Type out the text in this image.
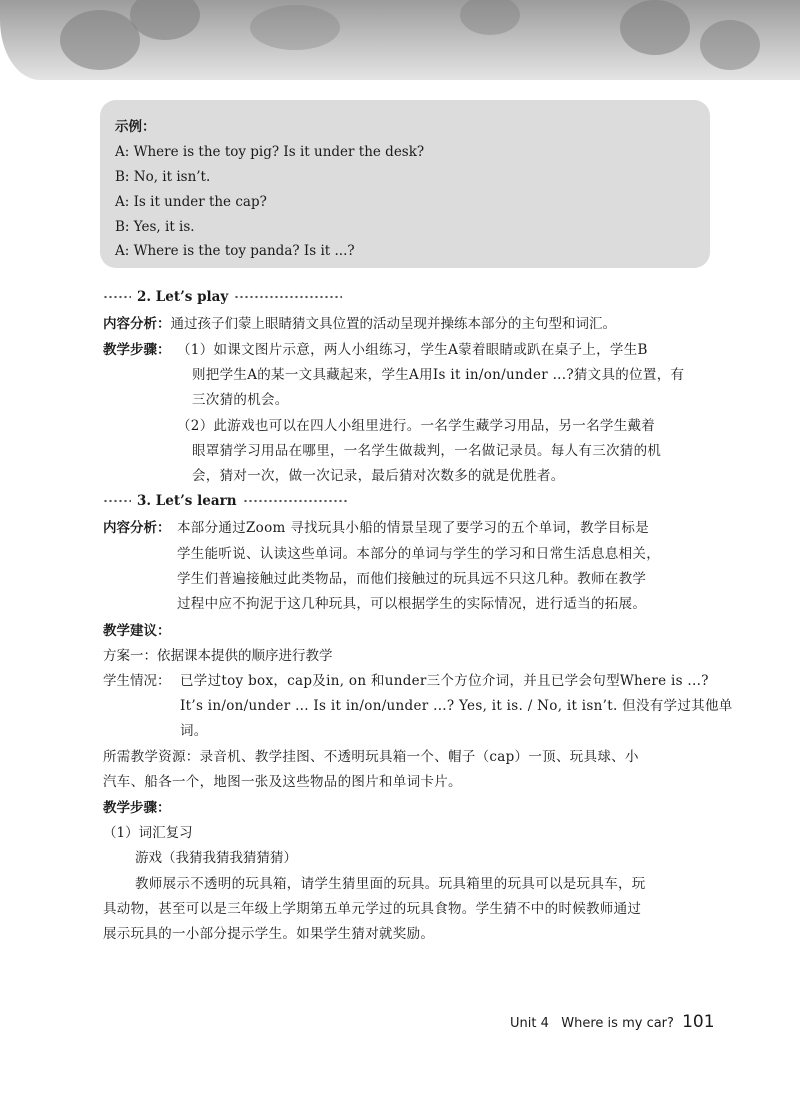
示例：
A: Where is the toy pig? Is it under the desk?
B: No, it isn’t.
A: Is it under the cap?
B: Yes, it is.
A: Where is the toy panda? Is it ...?
2. Let’s play
内容分析：通过孩子们蒙上眼睛猜文具位置的活动呈现并操练本部分的主句型和词汇。
教学步骤： （1）如课文图片示意，两人小组练习，学生A蒙着眼睛或趴在桌子上，学生B
则把学生A的某一文具藏起来，学生A用Is it in/on/under ...?猜文具的位置，有
三次猜的机会。
（2）此游戏也可以在四人小组里进行。一名学生藏学习用品，另一名学生戴着
眼罩猜学习用品在哪里，一名学生做裁判，一名做记录员。每人有三次猜的机
会，猜对一次，做一次记录，最后猜对次数多的就是优胜者。
3. Let’s learn
内容分析： 本部分通过Zoom 寻找玩具小船的情景呈现了要学习的五个单词，教学目标是
学生能听说、认读这些单词。本部分的单词与学生的学习和日常生活息息相关，
学生们普遍接触过此类物品，而他们接触过的玩具远不只这几种。教师在教学
过程中应不拘泥于这几种玩具，可以根据学生的实际情况，进行适当的拓展。
教学建议：
方案一：依据课本提供的顺序进行教学
学生情况： 已学过toy box，cap及in, on 和under三个方位介词，并且已学会句型Where is ...?
It’s in/on/under ... Is it in/on/under ...? Yes, it is. / No, it isn’t. 但没有学过其他单
词。
所需教学资源：录音机、教学挂图、不透明玩具箱一个、帽子（cap）一顶、玩具球、小
汽车、船各一个，地图一张及这些物品的图片和单词卡片。
教学步骤：
（1）词汇复习
游戏（我猜我猜我猜猜猜）
教师展示不透明的玩具箱，请学生猜里面的玩具。玩具箱里的玩具可以是玩具车，玩
具动物，甚至可以是三年级上学期第五单元学过的玩具食物。学生猜不中的时候教师通过
展示玩具的一小部分提示学生。如果学生猜对就奖励。
Unit 4 Where is my car? 101
